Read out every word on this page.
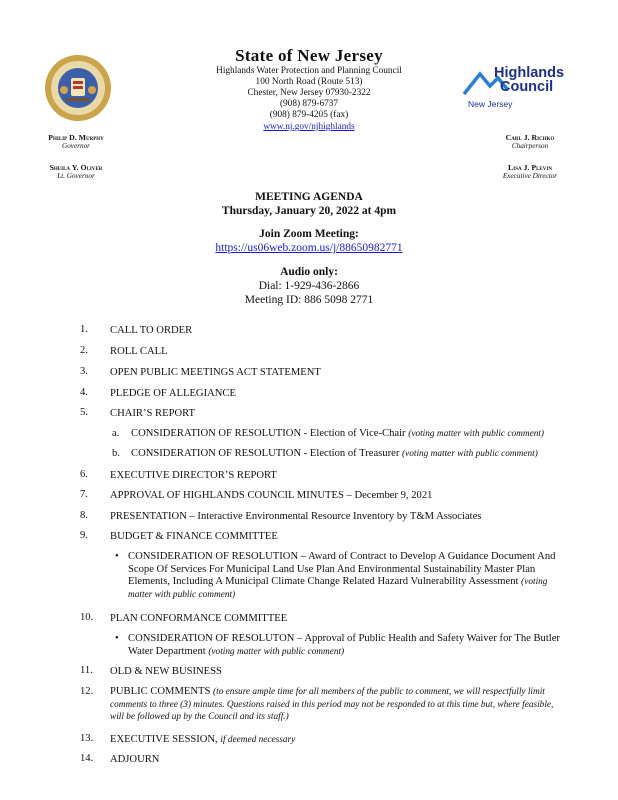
State of New Jersey
Highlands Water Protection and Planning Council
100 North Road (Route 513)
Chester, New Jersey 07930-2322
(908) 879-6737
(908) 879-4205 (fax)
www.nj.gov/njhighlands
Highlands
Council
New Jersey
Philip D. Murphy
Governor
Sheila Y. Oliver
Lt. Governor
Carl J. Richko
Chairperson
Lisa J. Plevin
Executive Director
MEETING AGENDA
Thursday, January 20, 2022 at 4pm
Join Zoom Meeting:
https://us06web.zoom.us/j/88650982771
Audio only:
Dial: 1-929-436-2866
Meeting ID: 886 5098 2771
1.	CALL TO ORDER
2.	ROLL CALL
3.	OPEN PUBLIC MEETINGS ACT STATEMENT
4.	PLEDGE OF ALLEGIANCE
5.	CHAIR’S REPORT
a. CONSIDERATION OF RESOLUTION - Election of Vice-Chair (voting matter with public comment)
b. CONSIDERATION OF RESOLUTION - Election of Treasurer (voting matter with public comment)
6.	EXECUTIVE DIRECTOR’S REPORT
7.	APPROVAL OF HIGHLANDS COUNCIL MINUTES – December 9, 2021
8.	PRESENTATION – Interactive Environmental Resource Inventory by T&M Associates
9.	BUDGET & FINANCE COMMITTEE
• CONSIDERATION OF RESOLUTION – Award of Contract to Develop A Guidance Document And Scope Of Services For Municipal Land Use Plan And Environmental Sustainability Master Plan Elements, Including A Municipal Climate Change Related Hazard Vulnerability Assessment (voting matter with public comment)
10.	PLAN CONFORMANCE COMMITTEE
• CONSIDERATION OF RESOLUTON – Approval of Public Health and Safety Waiver for The Butler Water Department (voting matter with public comment)
11.	OLD & NEW BUSINESS
12.	PUBLIC COMMENTS (to ensure ample time for all members of the public to comment, we will respectfully limit comments to three (3) minutes. Questions raised in this period may not be responded to at this time but, where feasible, will be followed up by the Council and its staff.)
13.	EXECUTIVE SESSION, if deemed necessary
14.	ADJOURN
